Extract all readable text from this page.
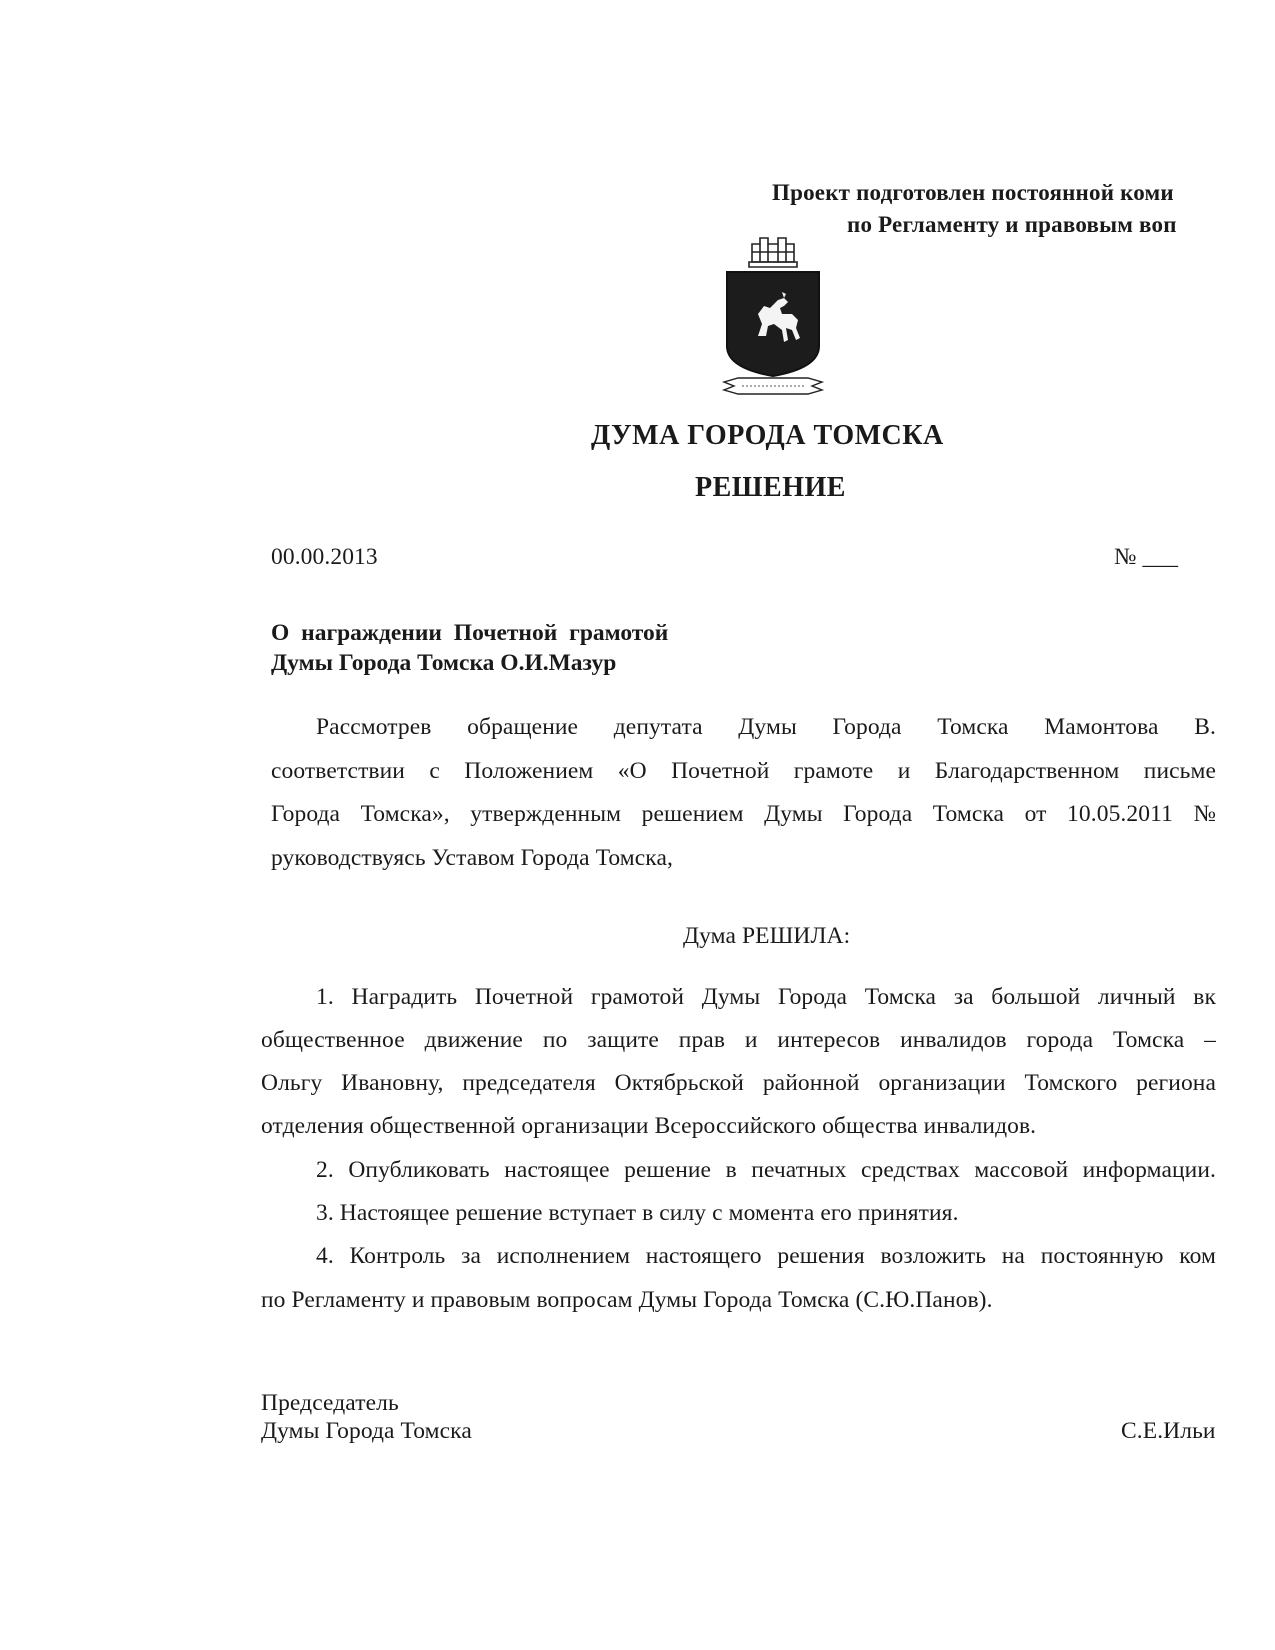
Проект подготовлен постоянной коми
по Регламенту и правовым воп
ДУМА ГОРОДА ТОМСКА
РЕШЕНИЕ
00.00.2013	№ ___
О награждении Почетной грамотой
Думы Города Томска О.И.Мазур
Рассмотрев обращение депутата Думы Города Томска Мамонтова В.
соответствии с Положением «О Почетной грамоте и Благодарственном письме
Города Томска», утвержденным решением Думы Города Томска от 10.05.2011 №
руководствуясь Уставом Города Томска,
Дума РЕШИЛА:
1. Наградить Почетной грамотой Думы Города Томска за большой личный вк
общественное движение по защите прав и интересов инвалидов города Томска –
Ольгу Ивановну, председателя Октябрьской районной организации Томского региона
отделения общественной организации Всероссийского общества инвалидов.
2. Опубликовать настоящее решение в печатных средствах массовой информации.
3. Настоящее решение вступает в силу с момента его принятия.
4. Контроль за исполнением настоящего решения возложить на постоянную ком
по Регламенту и правовым вопросам Думы Города Томска (С.Ю.Панов).
Председатель
Думы Города Томска	С.Е.Ильи
